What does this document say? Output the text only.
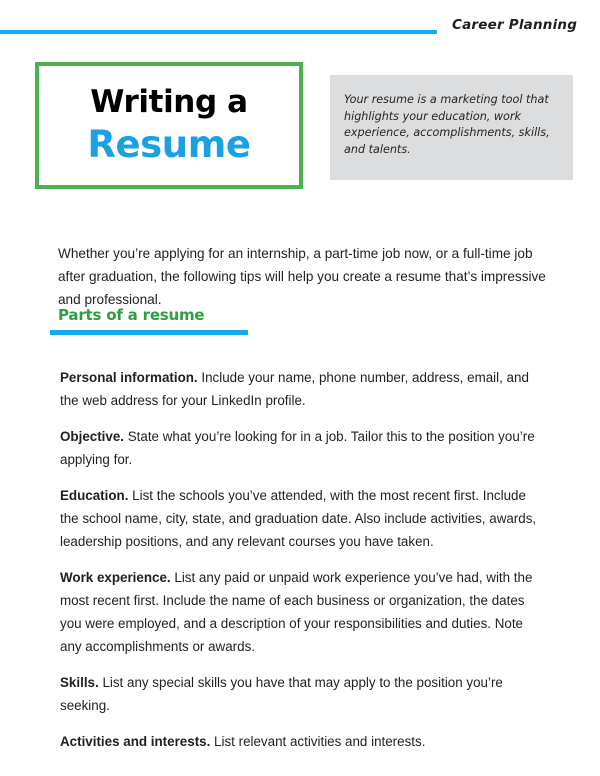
Career Planning
Writing a
Resume
Your resume is a marketing tool that highlights your education, work experience, accomplishments, skills, and talents.

Whether you’re applying for an internship, a part-time job now, or a full-time job after graduation, the following tips will help you create a resume that’s impressive and professional.

Parts of a resume

Personal information. Include your name, phone number, address, email, and the web address for your LinkedIn profile.

Objective. State what you’re looking for in a job. Tailor this to the position you’re applying for.

Education. List the schools you’ve attended, with the most recent first. Include the school name, city, state, and graduation date. Also include activities, awards, leadership positions, and any relevant courses you have taken.

Work experience. List any paid or unpaid work experience you’ve had, with the most recent first. Include the name of each business or organization, the dates you were employed, and a description of your responsibilities and duties. Note any accomplishments or awards.

Skills. List any special skills you have that may apply to the position you’re seeking.

Activities and interests. List relevant activities and interests.
